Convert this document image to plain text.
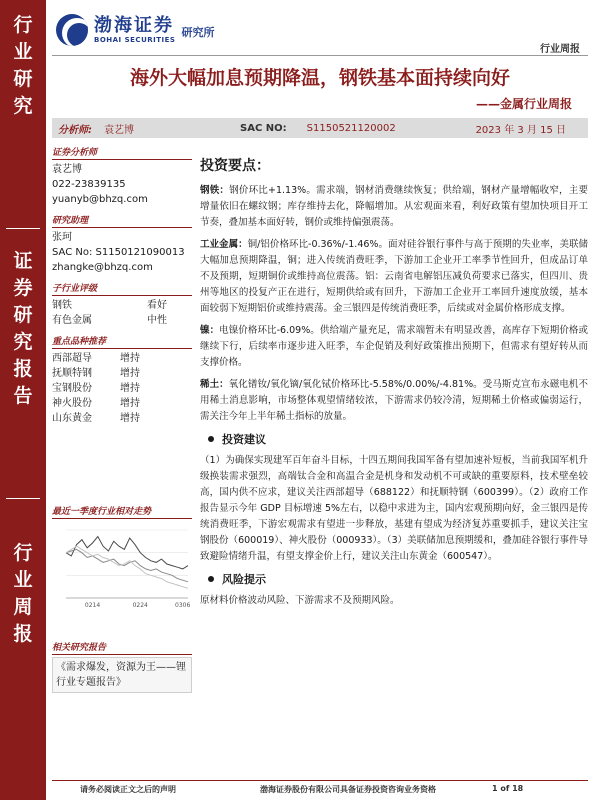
行
业
研
究
证
券
研
究
报
告
行
业
周
报
渤海证券
BOHAI SECURITIES
研究所
行业周报
海外大幅加息预期降温，钢铁基本面持续向好
——金属行业周报
分析师: 袁艺博	SAC NO: S1150521120002	2023 年 3 月 15 日
证券分析师
袁艺博
022-23839135
yuanyb@bhzq.com
研究助理
张珂
SAC No: S1150121090013
zhangke@bhzq.com
子行业评级
钢铁	看好
有色金属	中性
重点品种推荐
西部超导	增持
抚顺特钢	增持
宝钢股份	增持
神火股份	增持
山东黄金	增持
最近一季度行业相对走势
0214	0224	0306
相关研究报告
《需求爆发，资源为王——锂行业专题报告》
投资要点：

钢铁：钢价环比+1.13%。需求端，钢材消费继续恢复；供给端，钢材产量增幅收窄，主要增量依旧在螺纹钢；库存维持去化，降幅增加。从宏观面来看，利好政策有望加快项目开工节奏，叠加基本面好转，钢价或维持偏强震荡。

工业金属：铜/铝价格环比-0.36%/-1.46%。面对硅谷银行事件与高于预期的失业率，美联储大幅加息预期降温，铜；进入传统消费旺季，下游加工企业开工率季节性回升，但成品订单不及预期，短期铜价或维持高位震荡。铝：云南省电解铝压减负荷要求已落实，但四川、贵州等地区的投复产正在进行，短期供给或有回升，下游加工企业开工率回升速度放缓，基本面较弱下短期铝价或维持震荡。金三银四是传统消费旺季，后续或对金属价格形成支撑。

镍：电镍价格环比-6.09%。供给端产量充足，需求端暂未有明显改善，高库存下短期价格或继续下行，后续率市逐步进入旺季，车企促销及利好政策推出预期下，但需求有望好转从而支撑价格。

稀土：氧化镨钕/氧化镝/氧化铽价格环比-5.58%/0.00%/-4.81%。受马斯克宣布永磁电机不用稀土消息影响，市场整体观望情绪较浓，下游需求仍较冷清，短期稀土价格或偏弱运行，需关注今年上半年稀土指标的放量。

投资建议

（1）为确保实现建军百年奋斗目标，十四五期间我国军备有望加速补短板，当前我国军机升级换装需求强烈，高端钛合金和高温合金是机身和发动机不可或缺的重要原料，技术壁垒较高，国内供不应求，建议关注西部超导（688122）和抚顺特钢（600399）。（2）政府工作报告显示今年 GDP 目标增速 5%左右，以稳中求进为主，国内宏观预期向好，金三银四是传统消费旺季，下游宏观需求有望进一步释放，基建有望成为经济复苏重要抓手，建议关注宝钢股份（600019）、神火股份（000933）。（3）美联储加息预期缓和，叠加硅谷银行事件导致避险情绪升温，有望支撑金价上行，建议关注山东黄金（600547）。

风险提示

原材料价格波动风险、下游需求不及预期风险。

请务必阅读正文之后的声明	渤海证券股份有限公司具备证券投资咨询业务资格	1 of 18
